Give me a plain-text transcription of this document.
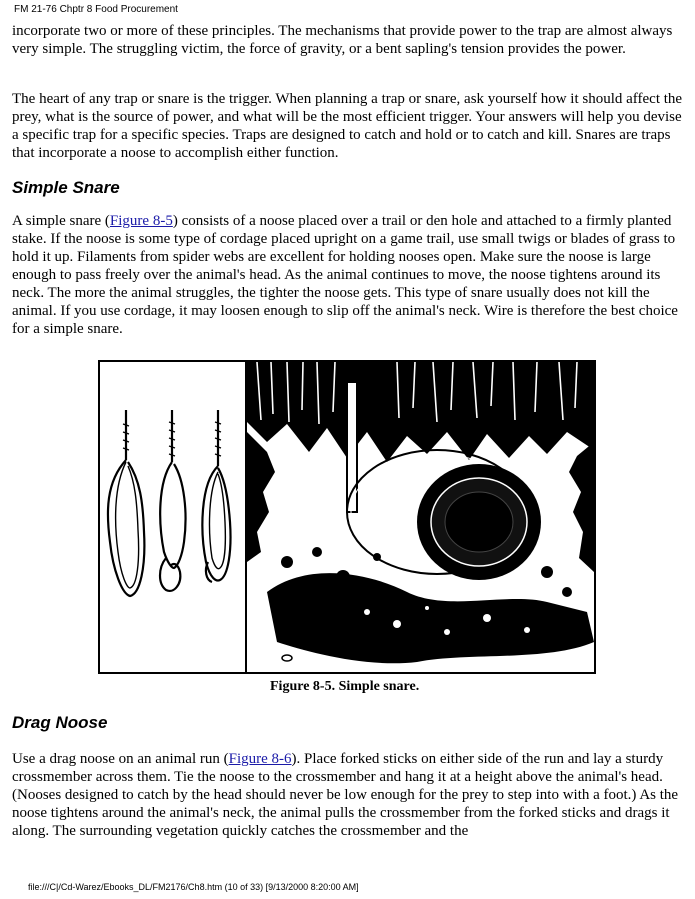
FM 21-76 Chptr 8 Food Procurement

incorporate two or more of these principles. The mechanisms that provide power to the trap are almost always very simple. The struggling victim, the force of gravity, or a bent sapling's tension provides the power.

The heart of any trap or snare is the trigger. When planning a trap or snare, ask yourself how it should affect the prey, what is the source of power, and what will be the most efficient trigger. Your answers will help you devise a specific trap for a specific species. Traps are designed to catch and hold or to catch and kill. Snares are traps that incorporate a noose to accomplish either function.

Simple Snare

A simple snare (Figure 8-5) consists of a noose placed over a trail or den hole and attached to a firmly planted stake. If the noose is some type of cordage placed upright on a game trail, use small twigs or blades of grass to hold it up. Filaments from spider webs are excellent for holding nooses open. Make sure the noose is large enough to pass freely over the animal's head. As the animal continues to move, the noose tightens around its neck. The more the animal struggles, the tighter the noose gets. This type of snare usually does not kill the animal. If you use cordage, it may loosen enough to slip off the animal's neck. Wire is therefore the best choice for a simple snare.

Figure 8-5. Simple snare.
Drag Noose

Use a drag noose on an animal run (Figure 8-6). Place forked sticks on either side of the run and lay a sturdy crossmember across them. Tie the noose to the crossmember and hang it at a height above the animal's head. (Nooses designed to catch by the head should never be low enough for the prey to step into with a foot.) As the noose tightens around the animal's neck, the animal pulls the crossmember from the forked sticks and drags it along. The surrounding vegetation quickly catches the crossmember and the

file:///C|/Cd-Warez/Ebooks_DL/FM2176/Ch8.htm (10 of 33) [9/13/2000 8:20:00 AM]
